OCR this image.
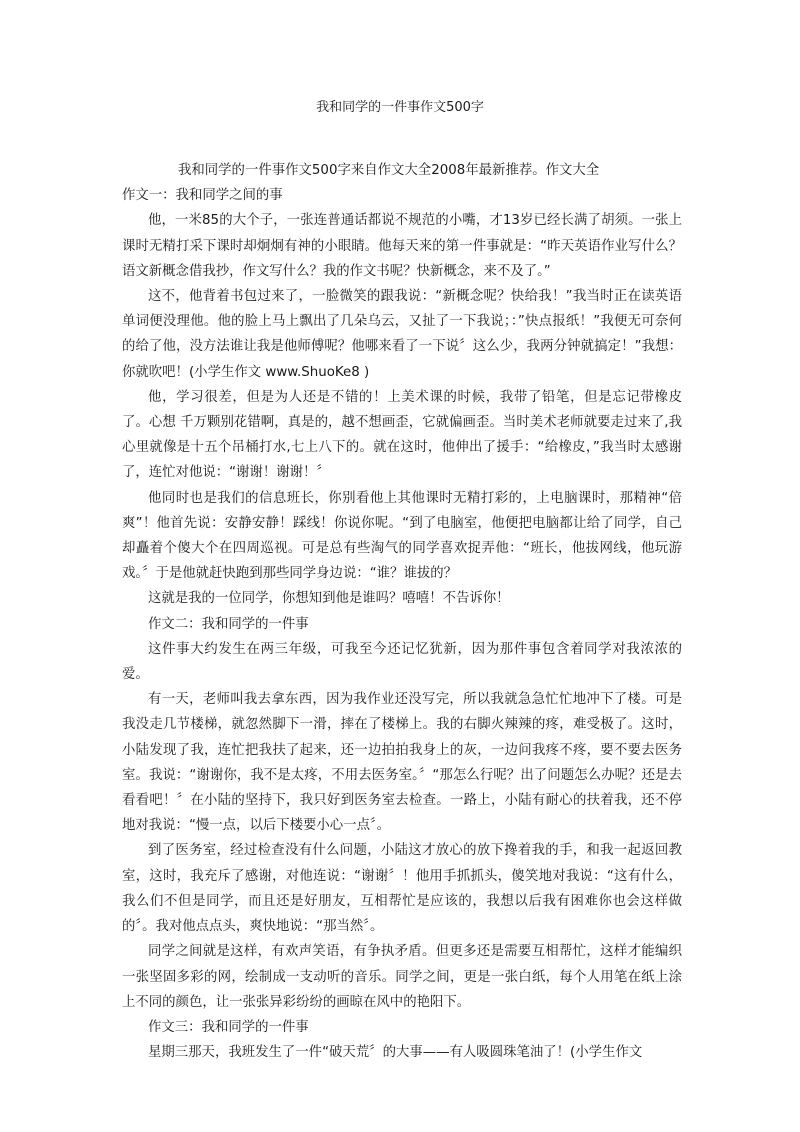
我和同学的一件事作文500字

我和同学的一件事作文500字来自作文大全2008年最新推荐。作文大全

作文一：我和同学之间的事

他，一米85的大个子，一张连普通话都说不规范的小嘴，才13岁已经长满了胡须。一张上课时无精打采下课时却炯炯有神的小眼睛。他每天来的第一件事就是：“昨天英语作业写什么？语文新概念借我抄，作文写什么？我的作文书呢？快新概念，来不及了。”

这不，他背着书包过来了，一脸微笑的跟我说：“新概念呢？快给我！”我当时正在读英语单词便没理他。他的脸上马上飘出了几朵乌云，又扯了一下我说；：”快点报纸！”我便无可奈何的给了他，没方法谁让我是他师傅呢？他哪来看了一下说〞这么少，我两分钟就搞定！”我想：你就吹吧！(小学生作文 www.ShuoKe8 )

他，学习很差，但是为人还是不错的！上美术课的时候，我带了铅笔，但是忘记带橡皮了。心想 千万颗别花错啊，真是的，越不想画歪，它就偏画歪。当时美术老师就要走过来了,我心里就像是十五个吊桶打水,七上八下的。就在这时，他伸出了援手：“给橡皮，”我当时太感谢了，连忙对他说：“谢谢！谢谢！〞

他同时也是我们的信息班长，你别看他上其他课时无精打彩的，上电脑课时，那精神“倍爽”！他首先说：安静安静！踩线！你说你呢。“到了电脑室，他便把电脑都让给了同学，自己却矗着个傻大个在四周巡视。可是总有些淘气的同学喜欢捉弄他：“班长，他拔网线，他玩游戏。〞于是他就赶快跑到那些同学身边说：“谁？谁拔的？

这就是我的一位同学，你想知到他是谁吗？嘻嘻！不告诉你！

作文二：我和同学的一件事

这件事大约发生在两三年级，可我至今还记忆犹新，因为那件事包含着同学对我浓浓的爱。

有一天，老师叫我去拿东西，因为我作业还没写完，所以我就急急忙忙地冲下了楼。可是我没走几节楼梯，就忽然脚下一滑，摔在了楼梯上。我的右脚火辣辣的疼，难受极了。这时，小陆发现了我，连忙把我扶了起来，还一边拍拍我身上的灰，一边问我疼不疼，要不要去医务室。我说：“谢谢你，我不是太疼，不用去医务室。〞“那怎么行呢？出了问题怎么办呢？还是去看看吧！〞在小陆的坚持下，我只好到医务室去检查。一路上，小陆有耐心的扶着我，还不停地对我说：“慢一点，以后下楼要小心一点〞。

到了医务室，经过检查没有什么问题，小陆这才放心的放下搀着我的手，和我一起返回教室，这时，我充斥了感谢，对他连说：“谢谢〞！他用手抓抓头，傻笑地对我说：“这有什么，我么们不但是同学，而且还是好朋友，互相帮忙是应该的，我想以后我有困难你也会这样做的〞。我对他点点头，爽快地说：“那当然〞。

同学之间就是这样，有欢声笑语，有争执矛盾。但更多还是需要互相帮忙，这样才能编织一张坚固多彩的网，绘制成一支动听的音乐。同学之间，更是一张白纸，每个人用笔在纸上涂上不同的颜色，让一张张异彩纷纷的画晾在风中的艳阳下。

作文三：我和同学的一件事

星期三那天，我班发生了一件“破天荒〞的大事——有人吸圆珠笔油了！(小学生作文
